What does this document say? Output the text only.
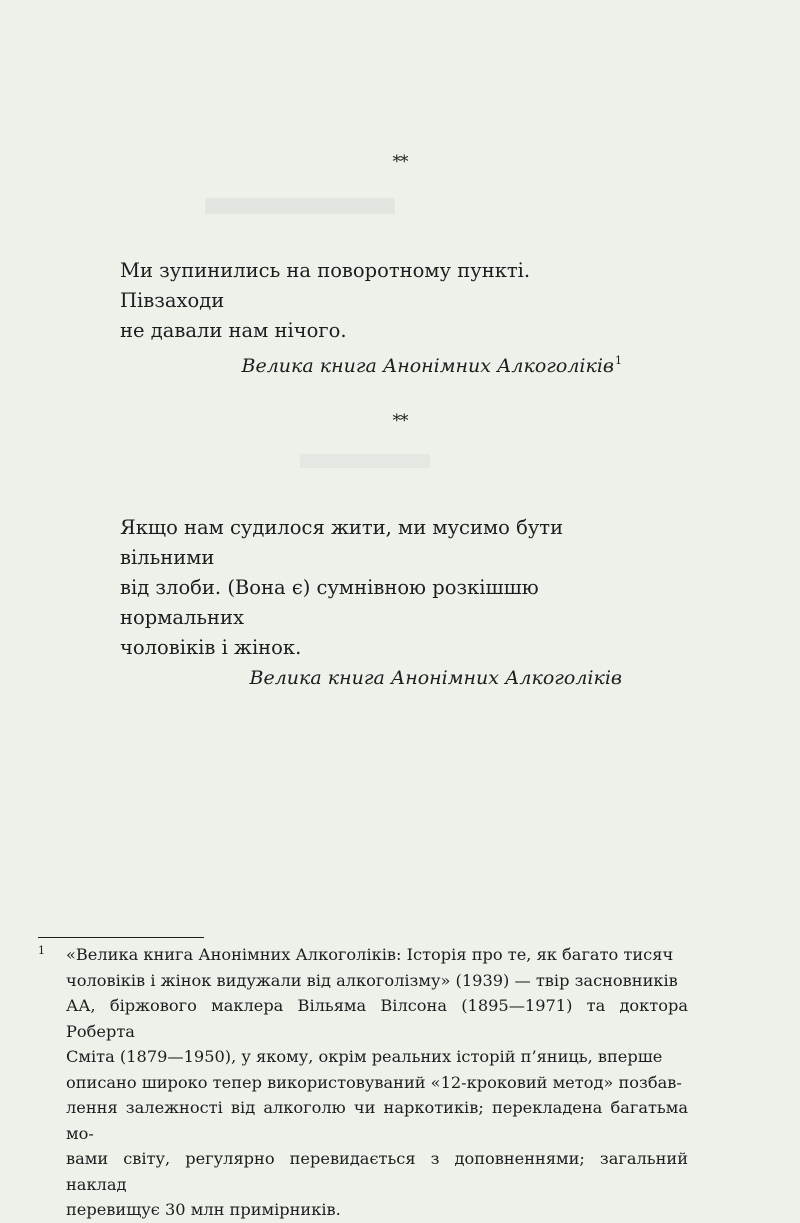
**

Ми зупинились на поворотному пункті. Півзаходи

не давали нам нічого.

Велика книга Анонімних Алкоголіків$^1$

**

Якщо нам судилося жити, ми мусимо бути вільними

від злоби. (Вона є) сумнівною розкішшю нормальних

чоловіків і жінок.

Велика книга Анонімних Алкоголіків

1 «Велика книга Анонімних Алкоголіків: Історія про те, як багато тисяч

чоловіків і жінок видужали від алкоголізму» (1939) — твір засновників

АА, біржового маклера Вільяма Вілсона (1895—1971) та доктора Роберта

Сміта (1879—1950), у якому, окрім реальних історій п’яниць, вперше

описано широко тепер використовуваний «12-кроковий метод» позбав-

лення залежності від алкоголю чи наркотиків; перекладена багатьма мо-

вами світу, регулярно перевидається з доповненнями; загальний наклад

перевищує 30 млн примірників.
